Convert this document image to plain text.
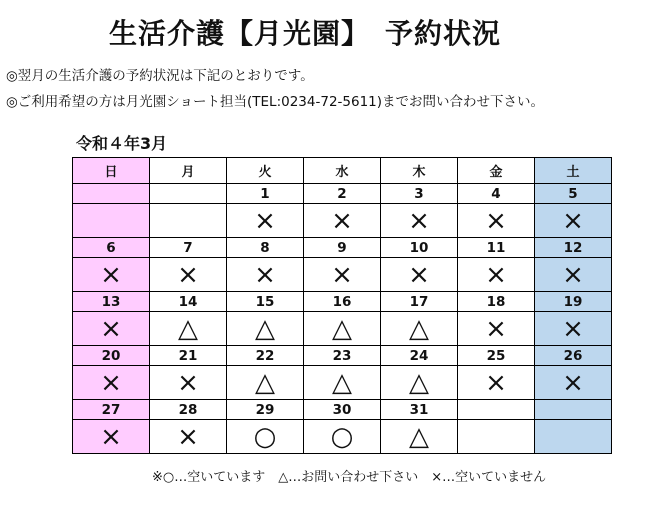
生活介護【月光園】　予約状況
◎翌月の生活介護の予約状況は下記のとおりです。
◎ご利用希望の方は月光園ショート担当(TEL:0234-72-5611)までお問い合わせ下さい。
令和４年3月
日	月	火	水	木	金	土
		1	2	3	4	5
		×	×	×	×	×
6	7	8	9	10	11	12
×	×	×	×	×	×	×
13	14	15	16	17	18	19
×	△	△	△	△	×	×
20	21	22	23	24	25	26
×	×	△	△	△	×	×
27	28	29	30	31		
×	×	○	○	△		
※○…空いています　△…お問い合わせ下さい　×…空いていません
